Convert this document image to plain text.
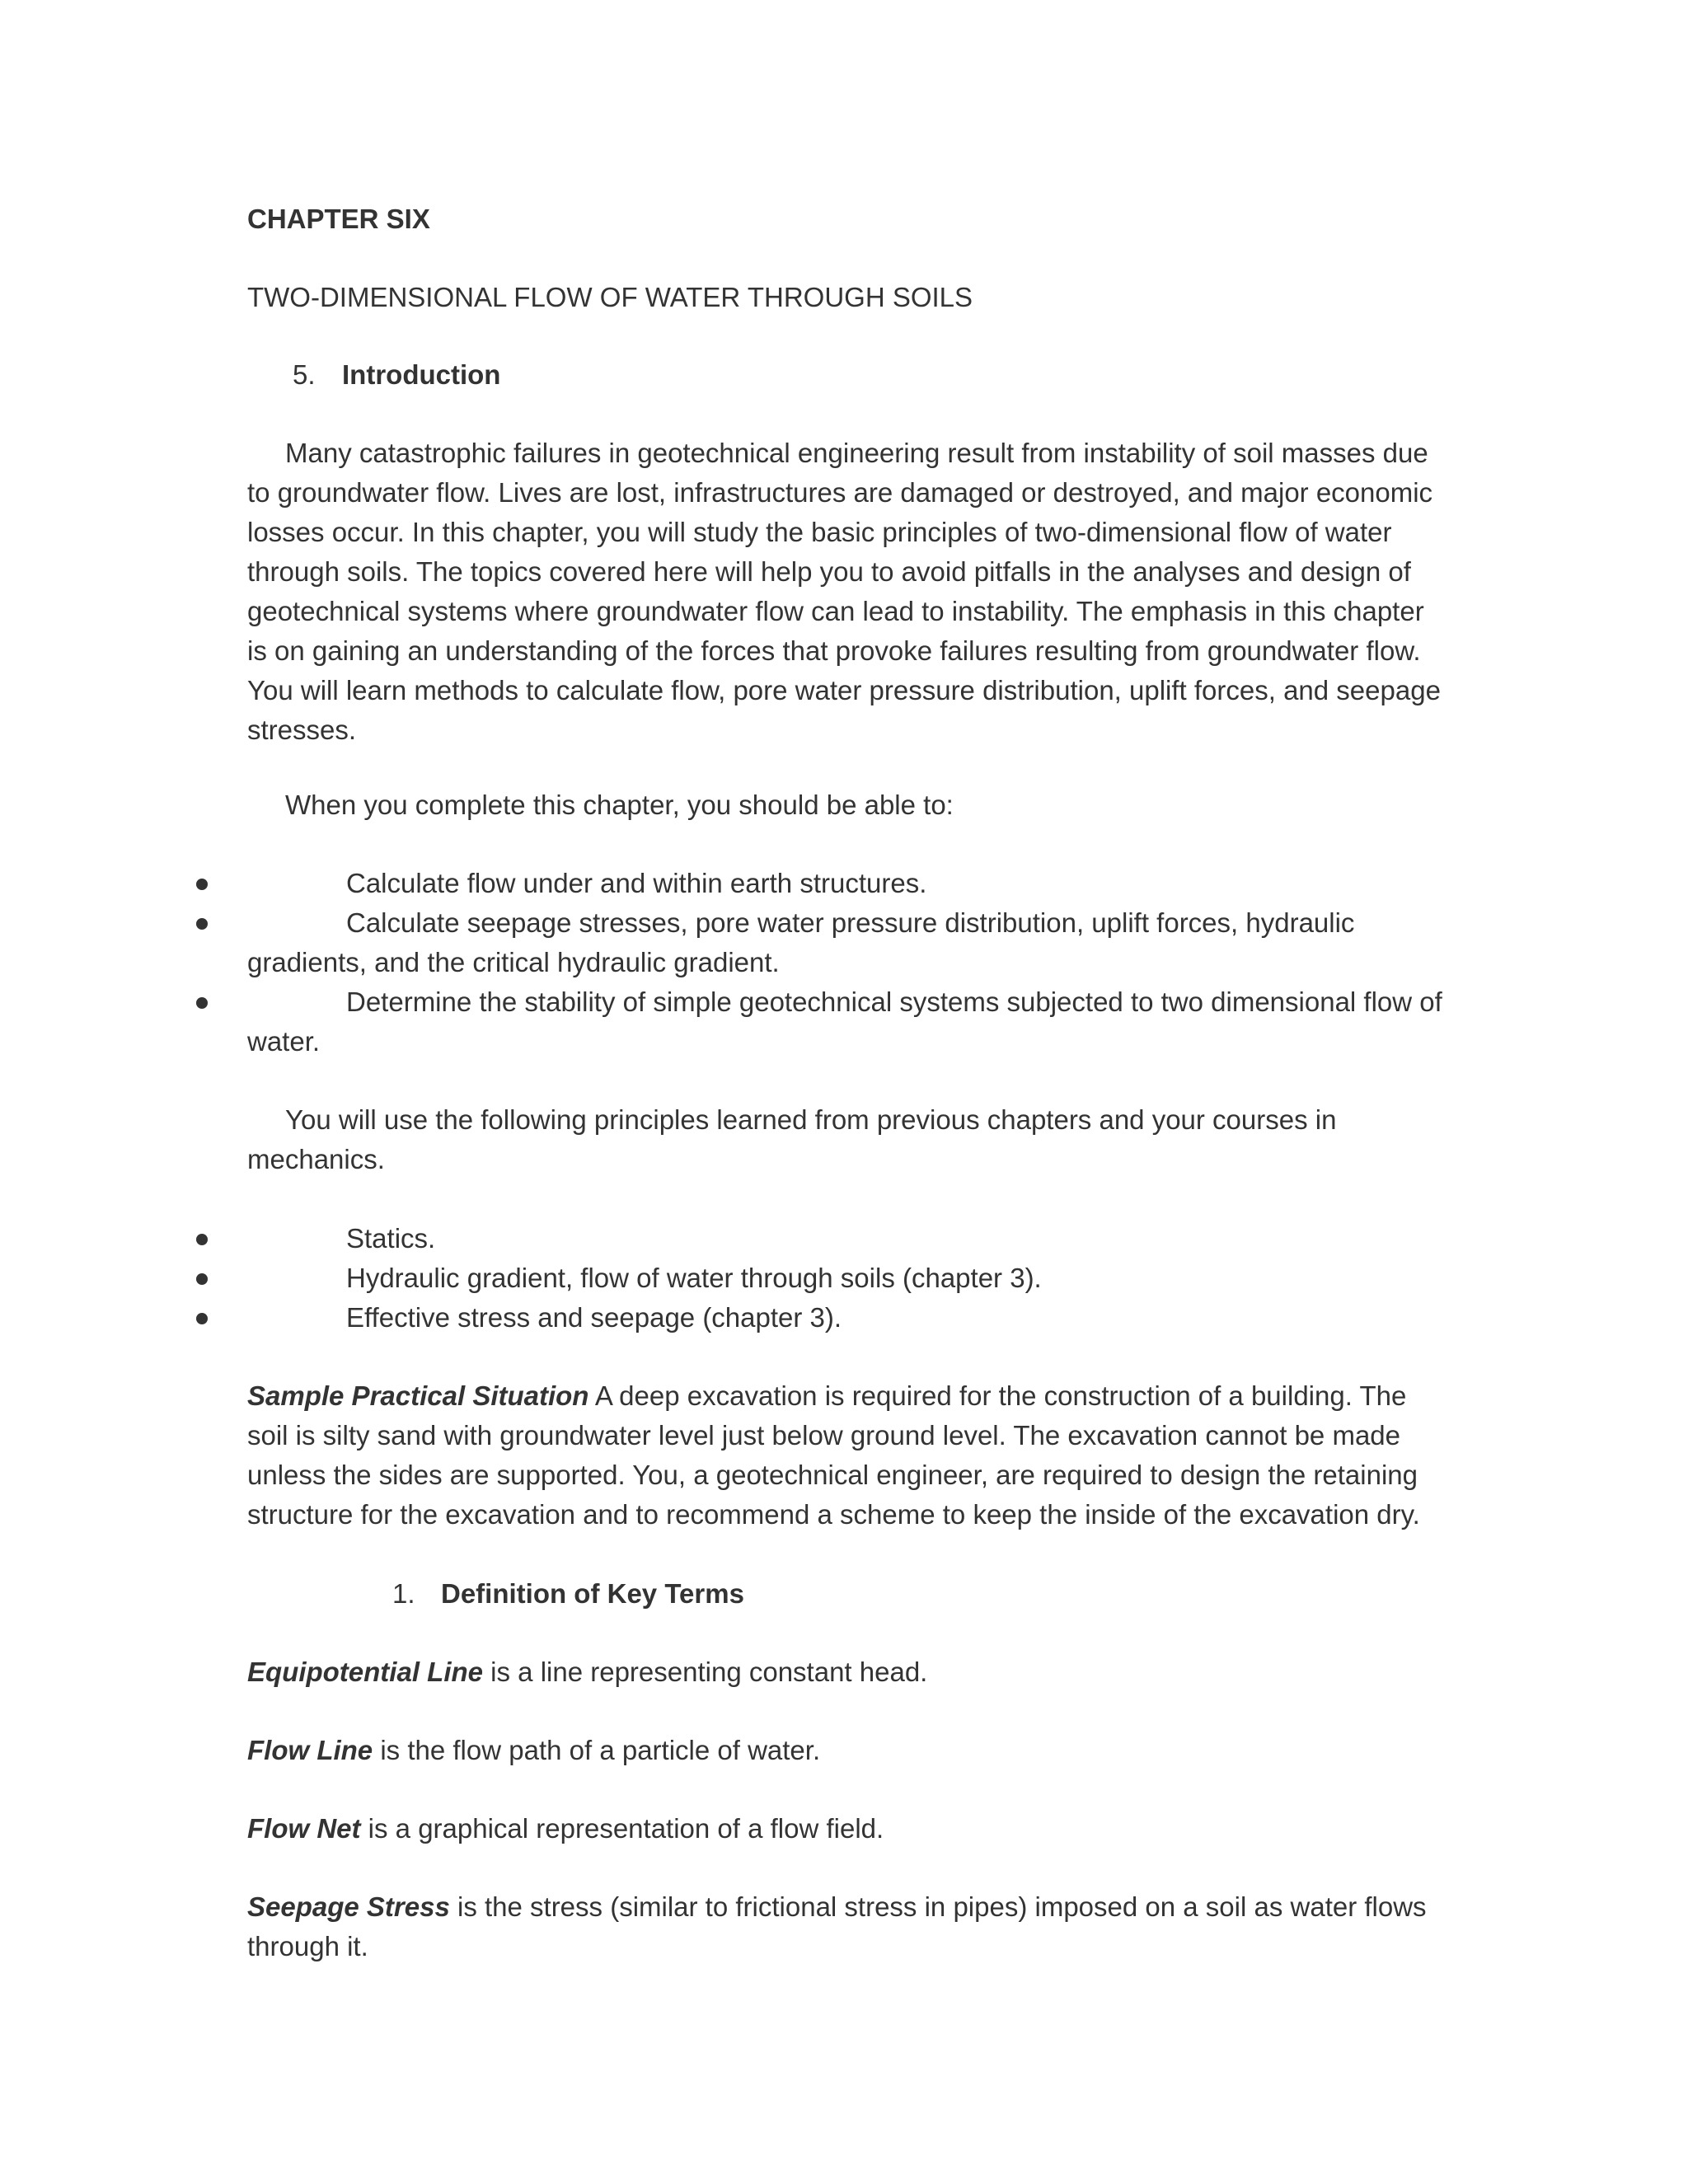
CHAPTER SIX

TWO-DIMENSIONAL FLOW OF WATER THROUGH SOILS

5. Introduction

Many catastrophic failures in geotechnical engineering result from instability of soil masses due to groundwater flow. Lives are lost, infrastructures are damaged or destroyed, and major economic losses occur. In this chapter, you will study the basic principles of two-dimensional flow of water through soils. The topics covered here will help you to avoid pitfalls in the analyses and design of geotechnical systems where groundwater flow can lead to instability. The emphasis in this chapter is on gaining an understanding of the forces that provoke failures resulting from groundwater flow. You will learn methods to calculate flow, pore water pressure distribution, uplift forces, and seepage stresses.

When you complete this chapter, you should be able to:

Calculate flow under and within earth structures.

Calculate seepage stresses, pore water pressure distribution, uplift forces, hydraulic gradients, and the critical hydraulic gradient.

Determine the stability of simple geotechnical systems subjected to two dimensional flow of water.

You will use the following principles learned from previous chapters and your courses in mechanics.

Statics.

Hydraulic gradient, flow of water through soils (chapter 3).

Effective stress and seepage (chapter 3).

Sample Practical Situation A deep excavation is required for the construction of a building. The soil is silty sand with groundwater level just below ground level. The excavation cannot be made unless the sides are supported. You, a geotechnical engineer, are required to design the retaining structure for the excavation and to recommend a scheme to keep the inside of the excavation dry.

1. Definition of Key Terms

Equipotential Line is a line representing constant head.

Flow Line is the flow path of a particle of water.

Flow Net is a graphical representation of a flow field.

Seepage Stress is the stress (similar to frictional stress in pipes) imposed on a soil as water flows through it.
